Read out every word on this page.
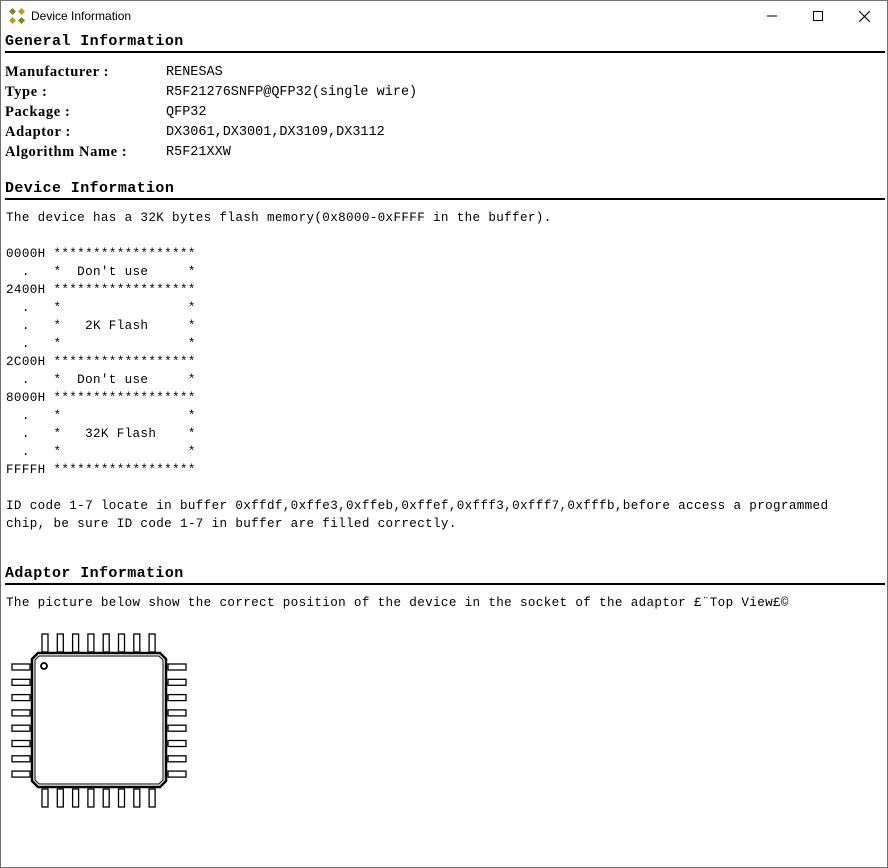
Device Information
General Information
Manufacturer :	RENESAS
Type :	R5F21276SNFP@QFP32(single wire)
Package :	QFP32
Adaptor :	DX3061,DX3001,DX3109,DX3112
Algorithm Name :	R5F21XXW
Device Information
The device has a 32K bytes flash memory(0x8000-0xFFFF in the buffer).
0000H ******************
.   *  Don't use     *
2400H ******************
.   *                *
.   *   2K Flash     *
.   *                *
2C00H ******************
.   *  Don't use     *
8000H ******************
.   *                *
.   *   32K Flash    *
.   *                *
FFFFH ******************
ID code 1-7 locate in buffer 0xffdf,0xffe3,0xffeb,0xffef,0xfff3,0xfff7,0xfffb,before access a programmed
chip, be sure ID code 1-7 in buffer are filled correctly.
Adaptor Information
The picture below show the correct position of the device in the socket of the adaptor £¨Top View£©
